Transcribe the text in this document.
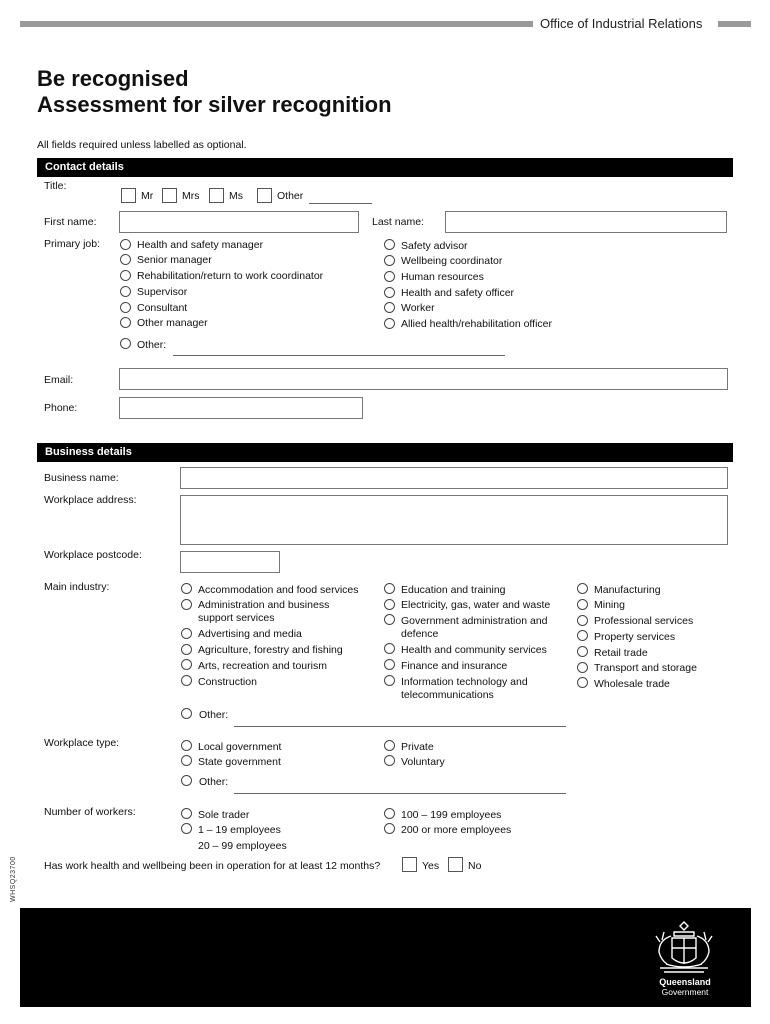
Office of Industrial Relations
Be recognised
Assessment for silver recognition
All fields required unless labelled as optional.
Contact details
Title:
Mr	Mrs	Ms	Other
First name:	Last name:
Primary job:	Health and safety manager
Senior manager
Rehabilitation/return to work coordinator
Supervisor
Consultant
Other manager
Safety advisor
Wellbeing coordinator
Human resources
Health and safety officer
Worker
Allied health/rehabilitation officer
Other:
Email:
Phone:
Business details
Business name:
Workplace address:
Workplace postcode:
Main industry:	Accommodation and food services
Administration and business support services
Advertising and media
Agriculture, forestry and fishing
Arts, recreation and tourism
Construction
Education and training
Electricity, gas, water and waste
Government administration and defence
Health and community services
Finance and insurance
Information technology and telecommunications
Manufacturing
Mining
Professional services
Property services
Retail trade
Transport and storage
Wholesale trade
Other:
Workplace type:	Local government
State government
Private
Voluntary
Other:
Number of workers:	Sole trader
1 – 19 employees
20 – 99 employees
100 – 199 employees
200 or more employees
Has work health and wellbeing been in operation for at least 12 months?	Yes	No
WHSQ23700
Queensland
Government
